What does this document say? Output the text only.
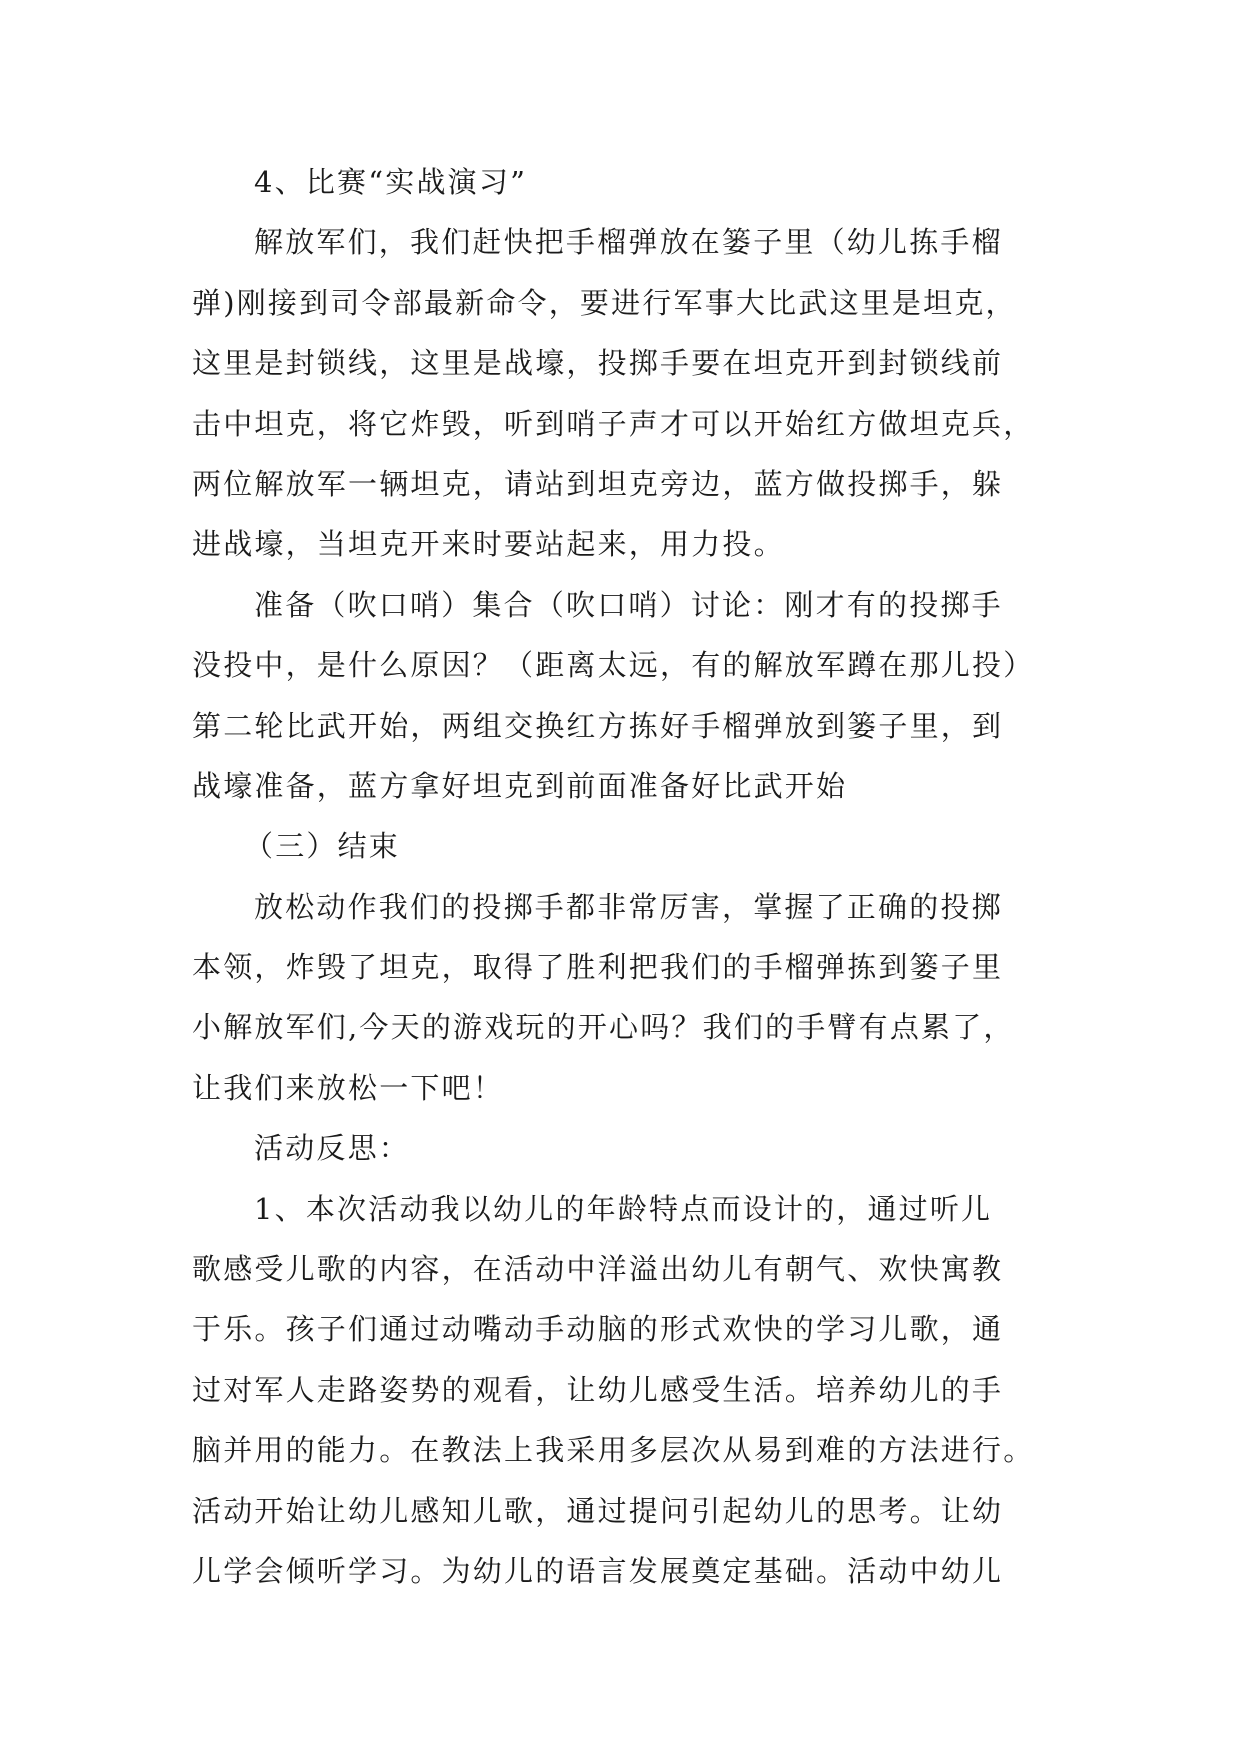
4、比赛“实战演习”
解放军们，我们赶快把手榴弹放在篓子里（幼儿拣手榴
弹)刚接到司令部最新命令，要进行军事大比武这里是坦克，
这里是封锁线，这里是战壕，投掷手要在坦克开到封锁线前
击中坦克，将它炸毁，听到哨子声才可以开始红方做坦克兵，
两位解放军一辆坦克，请站到坦克旁边，蓝方做投掷手，躲
进战壕，当坦克开来时要站起来，用力投。
准备（吹口哨）集合（吹口哨）讨论：刚才有的投掷手
没投中，是什么原因？（距离太远，有的解放军蹲在那儿投）
第二轮比武开始，两组交换红方拣好手榴弹放到篓子里，到
战壕准备，蓝方拿好坦克到前面准备好比武开始
（三）结束
放松动作我们的投掷手都非常厉害，掌握了正确的投掷
本领，炸毁了坦克，取得了胜利把我们的手榴弹拣到篓子里
小解放军们,今天的游戏玩的开心吗？我们的手臂有点累了，
让我们来放松一下吧！
活动反思：
1、本次活动我以幼儿的年龄特点而设计的，通过听儿
歌感受儿歌的内容，在活动中洋溢出幼儿有朝气、欢快寓教
于乐。孩子们通过动嘴动手动脑的形式欢快的学习儿歌，通
过对军人走路姿势的观看，让幼儿感受生活。培养幼儿的手
脑并用的能力。在教法上我采用多层次从易到难的方法进行。
活动开始让幼儿感知儿歌，通过提问引起幼儿的思考。让幼
儿学会倾听学习。为幼儿的语言发展奠定基础。活动中幼儿
